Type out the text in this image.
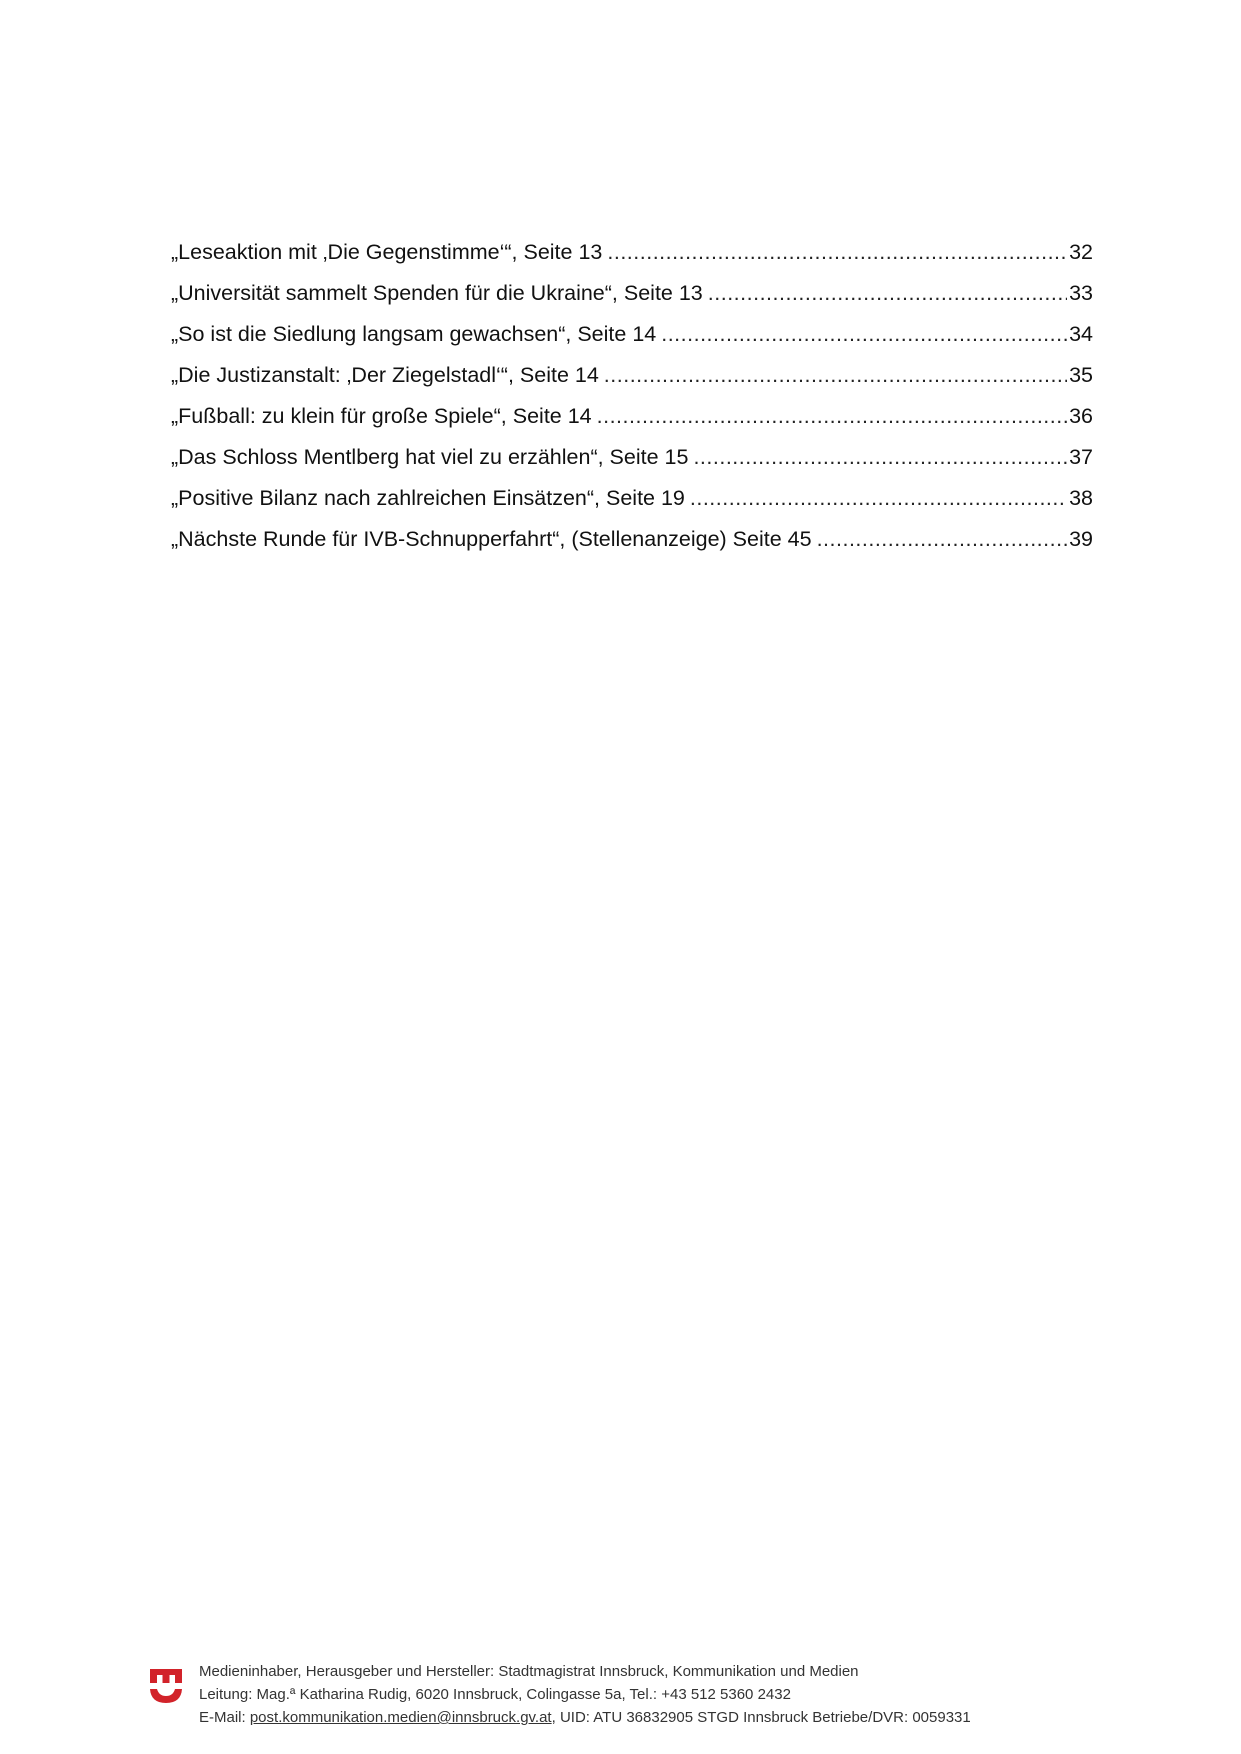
„Leseaktion mit ‚Die Gegenstimme‘“, Seite 13 .....	32
„Universität sammelt Spenden für die Ukraine“, Seite 13 .....	33
„So ist die Siedlung langsam gewachsen“, Seite 14 .....	34
„Die Justizanstalt: ‚Der Ziegelstadl‘“, Seite 14 .....	35
„Fußball: zu klein für große Spiele“, Seite 14 .....	36
„Das Schloss Mentlberg hat viel zu erzählen“, Seite 15 .....	37
„Positive Bilanz nach zahlreichen Einsätzen“, Seite 19 .....	38
„Nächste Runde für IVB-Schnupperfahrt“, (Stellenanzeige) Seite 45 .....	39
Medieninhaber, Herausgeber und Hersteller: Stadtmagistrat Innsbruck, Kommunikation und Medien
Leitung: Mag.ª Katharina Rudig, 6020 Innsbruck, Colingasse 5a, Tel.: +43 512 5360 2432
E-Mail: post.kommunikation.medien@innsbruck.gv.at, UID: ATU 36832905 STGD Innsbruck Betriebe/DVR: 0059331
